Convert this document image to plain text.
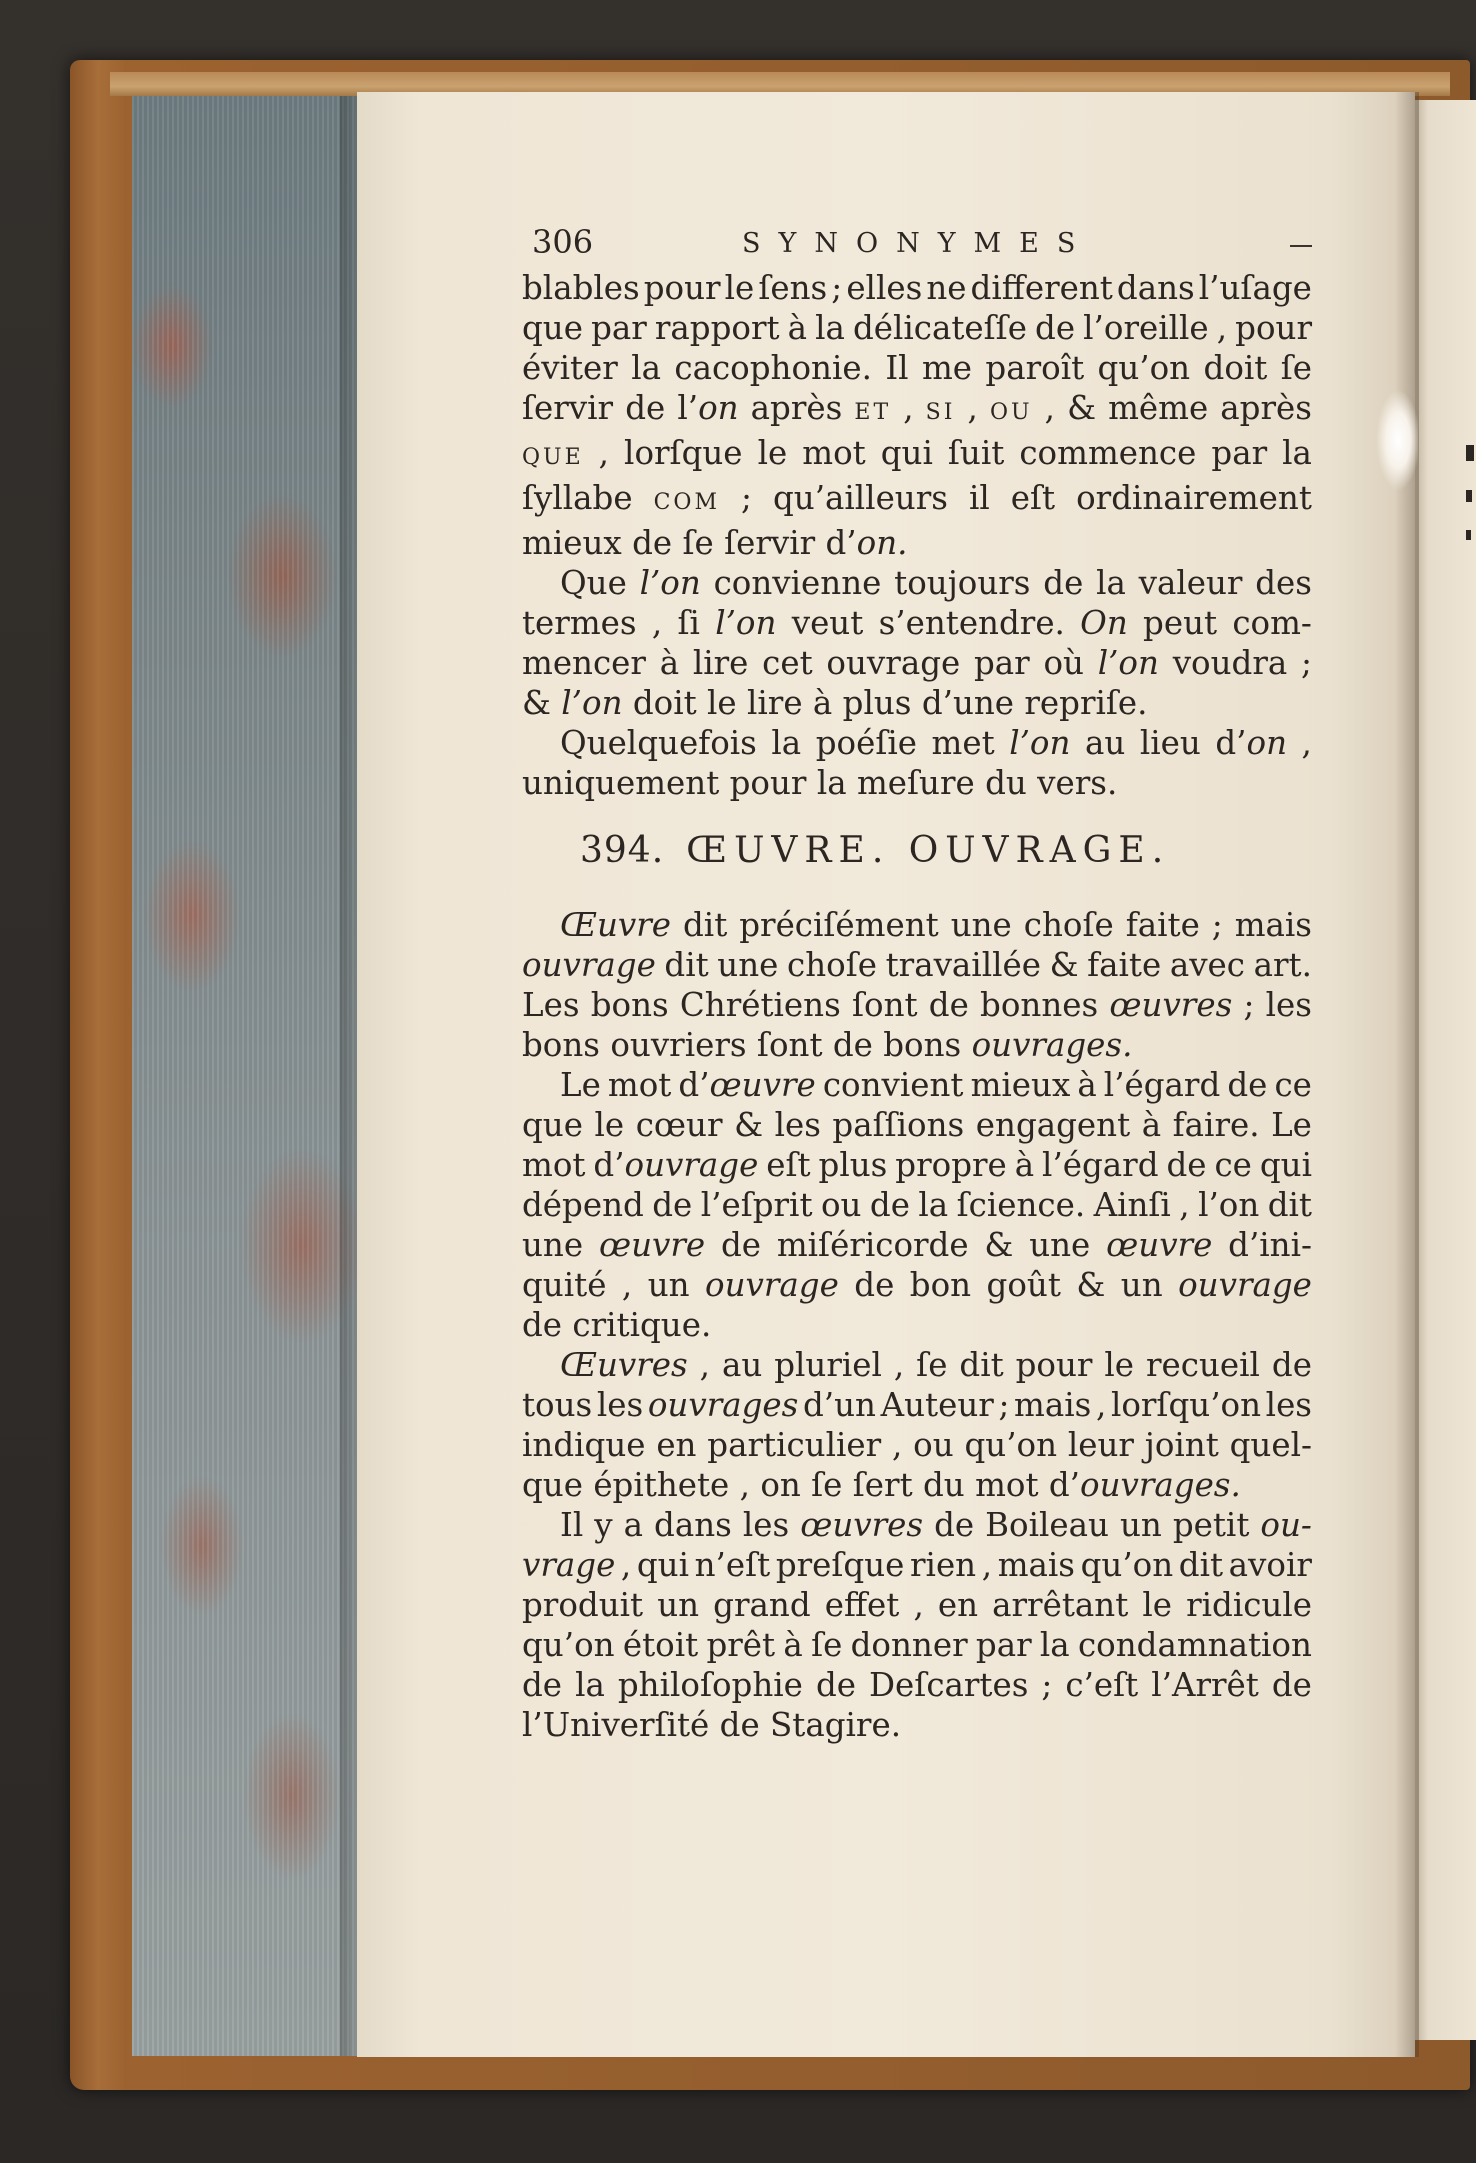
306	SYNONYMES
blables pour le ſens ; elles ne different dans l’uſage
que par rapport à la délicateſſe de l’oreille , pour
éviter la cacophonie. Il me paroît qu’on doit ſe
ſervir de l’on après ET , SI , OU , & même après
QUE , lorſque le mot qui ſuit commence par la
ſyllabe COM ; qu’ailleurs il eſt ordinairement
mieux de ſe ſervir d’on.
Que l’on convienne toujours de la valeur des
termes , ſi l’on veut s’entendre. On peut com-
mencer à lire cet ouvrage par où l’on voudra ;
& l’on doit le lire à plus d’une repriſe.
Quelquefois la poéſie met l’on au lieu d’on ,
uniquement pour la meſure du vers.
394. ŒUVRE. OUVRAGE.
Œuvre dit préciſément une choſe faite ; mais
ouvrage dit une choſe travaillée & faite avec art.
Les bons Chrétiens ſont de bonnes œuvres ; les
bons ouvriers ſont de bons ouvrages.
Le mot d’œuvre convient mieux à l’égard de ce
que le cœur & les paſſions engagent à faire. Le
mot d’ouvrage eſt plus propre à l’égard de ce qui
dépend de l’eſprit ou de la ſcience. Ainſi , l’on dit
une œuvre de miſéricorde & une œuvre d’ini-
quité , un ouvrage de bon goût & un ouvrage
de critique.
Œuvres , au pluriel , ſe dit pour le recueil de
tous les ouvrages d’un Auteur ; mais , lorſqu’on les
indique en particulier , ou qu’on leur joint quel-
que épithete , on ſe ſert du mot d’ouvrages.
Il y a dans les œuvres de Boileau un petit ou-
vrage , qui n’eſt preſque rien , mais qu’on dit avoir
produit un grand effet , en arrêtant le ridicule
qu’on étoit prêt à ſe donner par la condamnation
de la philoſophie de Deſcartes ; c’eſt l’Arrêt de
l’Univerſité de Stagire.
